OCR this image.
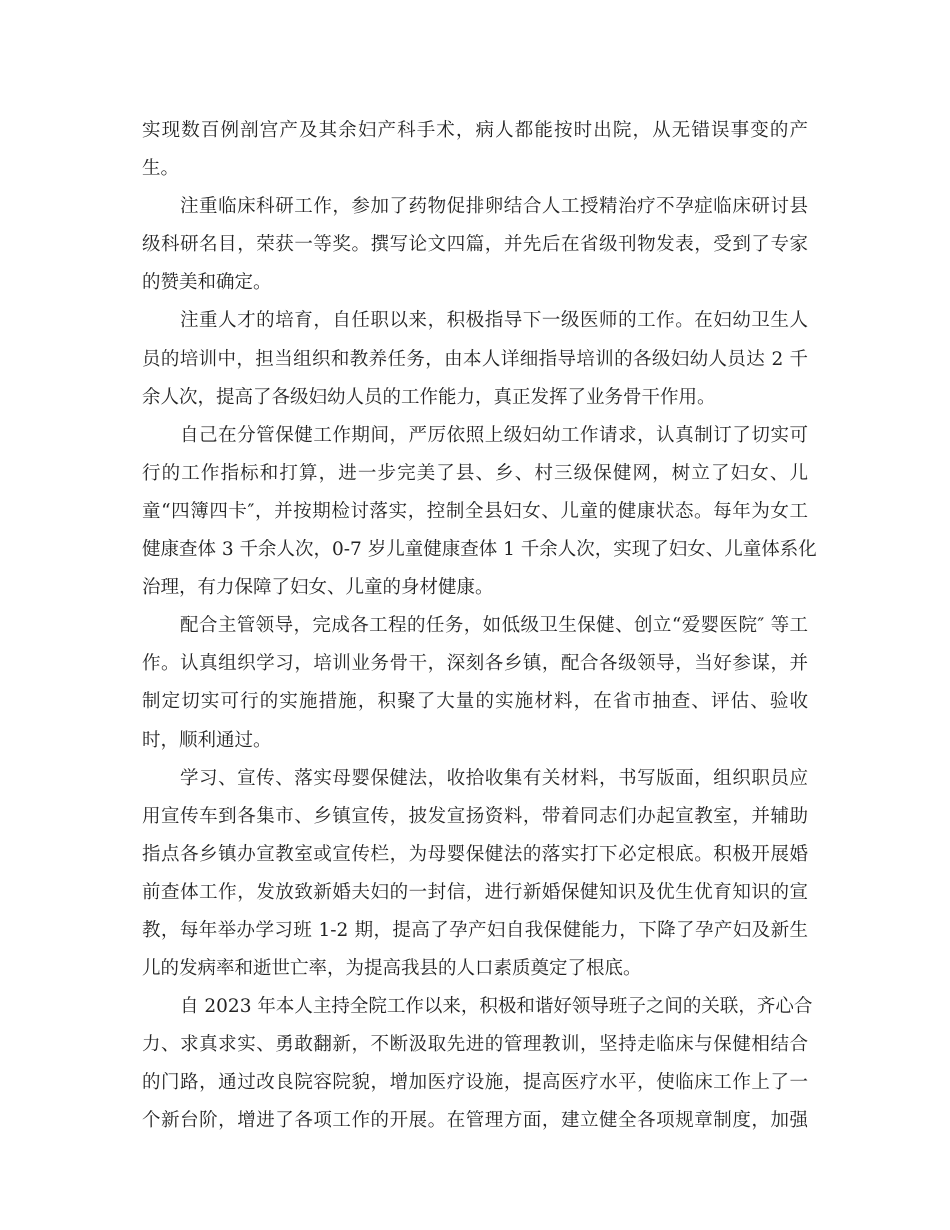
实现数百例剖宫产及其余妇产科手术，病人都能按时出院，从无错误事变的产
生。
注重临床科研工作，参加了药物促排卵结合人工授精治疗不孕症临床研讨县
级科研名目，荣获一等奖。撰写论文四篇，并先后在省级刊物发表，受到了专家
的赞美和确定。
注重人才的培育，自任职以来，积极指导下一级医师的工作。在妇幼卫生人
员的培训中，担当组织和教养任务，由本人详细指导培训的各级妇幼人员达 2 千
余人次，提高了各级妇幼人员的工作能力，真正发挥了业务骨干作用。
自己在分管保健工作期间，严厉依照上级妇幼工作请求，认真制订了切实可
行的工作指标和打算，进一步完美了县、乡、村三级保健网，树立了妇女、儿
童“四簿四卡″，并按期检讨落实，控制全县妇女、儿童的健康状态。每年为女工
健康查体 3 千余人次，0-7 岁儿童健康查体 1 千余人次，实现了妇女、儿童体系化
治理，有力保障了妇女、儿童的身材健康。
配合主管领导，完成各工程的任务，如低级卫生保健、创立“爱婴医院″ 等工
作。认真组织学习，培训业务骨干，深刻各乡镇，配合各级领导，当好参谋，并
制定切实可行的实施措施，积聚了大量的实施材料，在省市抽查、评估、验收
时，顺利通过。
学习、宣传、落实母婴保健法，收拾收集有关材料，书写版面，组织职员应
用宣传车到各集市、乡镇宣传，披发宣扬资料，带着同志们办起宣教室，并辅助
指点各乡镇办宣教室或宣传栏，为母婴保健法的落实打下必定根底。积极开展婚
前查体工作，发放致新婚夫妇的一封信，进行新婚保健知识及优生优育知识的宣
教，每年举办学习班 1-2 期，提高了孕产妇自我保健能力，下降了孕产妇及新生
儿的发病率和逝世亡率，为提高我县的人口素质奠定了根底。
自 2023 年本人主持全院工作以来，积极和谐好领导班子之间的关联，齐心合
力、求真求实、勇敢翻新，不断汲取先进的管理教训，坚持走临床与保健相结合
的门路，通过改良院容院貌，增加医疗设施，提高医疗水平，使临床工作上了一
个新台阶，增进了各项工作的开展。在管理方面，建立健全各项规章制度，加强
